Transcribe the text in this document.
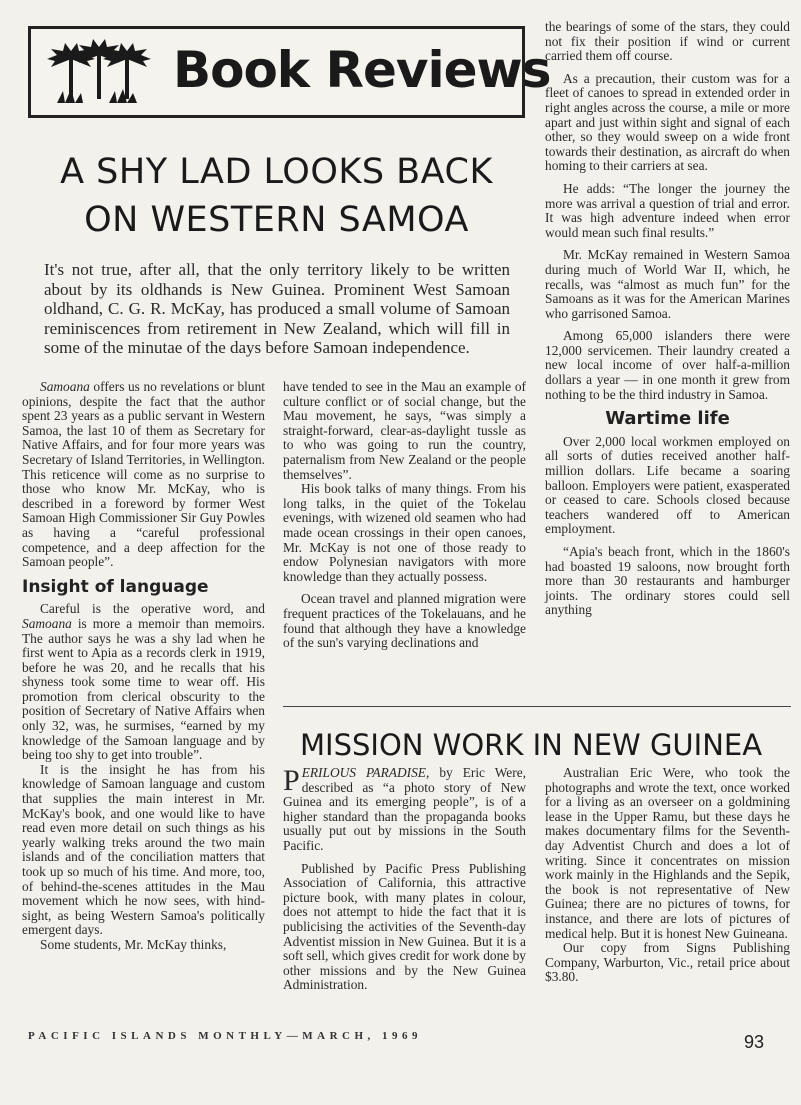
Book Reviews
A SHY LAD LOOKS BACK
ON WESTERN SAMOA
It's not true, after all, that the only territory likely to be written about by its oldhands is New Guinea. Prominent West Samoan oldhand, C. G. R. McKay, has produced a small volume of Samoan reminiscences from retirement in New Zealand, which will fill in some of the minutae of the days before Samoan independence.

Samoana offers us no revelations or blunt opinions, despite the fact that the author spent 23 years as a public servant in Western Samoa, the last 10 of them as Secretary for Native Affairs, and for four more years was Secretary of Island Territories, in Wellington. This reticence will come as no surprise to those who know Mr. McKay, who is described in a foreword by former West Samoan High Commissioner Sir Guy Powles as having a “careful professional competence, and a deep affection for the Samoan people”.

Insight of language

Careful is the operative word, and Samoana is more a memoir than memoirs. The author says he was a shy lad when he first went to Apia as a records clerk in 1919, before he was 20, and he recalls that his shyness took some time to wear off. His promotion from clerical obscurity to the position of Secretary of Native Affairs when only 32, was, he surmises, “earned by my knowledge of the Samoan language and by being too shy to get into trouble”.

It is the insight he has from his knowledge of Samoan language and custom that supplies the main interest in Mr. McKay's book, and one would like to have read even more detail on such things as his yearly walking treks around the two main islands and of the conciliation matters that took up so much of his time. And more, too, of behind-the-scenes attitudes in the Mau movement which he now sees, with hind-sight, as being Western Samoa's politically emergent days.

Some students, Mr. McKay thinks,

have tended to see in the Mau an example of culture conflict or of social change, but the Mau movement, he says, “was simply a straight-forward, clear-as-daylight tussle as to who was going to run the country, paternalism from New Zealand or the people themselves”.

His book talks of many things. From his long talks, in the quiet of the Tokelau evenings, with wizened old seamen who had made ocean crossings in their open canoes, Mr. McKay is not one of those ready to endow Polynesian navigators with more knowledge than they actually possess.

Ocean travel and planned migration were frequent practices of the Tokelauans, and he found that although they have a knowledge of the sun's varying declinations and

the bearings of some of the stars, they could not fix their position if wind or current carried them off course.

As a precaution, their custom was for a fleet of canoes to spread in extended order in right angles across the course, a mile or more apart and just within sight and signal of each other, so they would sweep on a wide front towards their destination, as aircraft do when homing to their carriers at sea.

He adds: “The longer the journey the more was arrival a question of trial and error. It was high adventure indeed when error would mean such final results.”

Mr. McKay remained in Western Samoa during much of World War II, which, he recalls, was “almost as much fun” for the Samoans as it was for the American Marines who garrisoned Samoa.

Among 65,000 islanders there were 12,000 servicemen. Their laundry created a new local income of over half-a-million dollars a year — in one month it grew from nothing to be the third industry in Samoa.

Wartime life

Over 2,000 local workmen employed on all sorts of duties received another half-million dollars. Life became a soaring balloon. Employers were patient, exasperated or ceased to care. Schools closed because teachers wandered off to American employment.

“Apia's beach front, which in the 1860's had boasted 19 saloons, now brought forth more than 30 restaurants and hamburger joints. The ordinary stores could sell anything

MISSION WORK IN NEW GUINEA

PERILOUS PARADISE, by Eric Were, described as “a photo story of New Guinea and its emerging people”, is of a higher standard than the propaganda books usually put out by missions in the South Pacific.

Published by Pacific Press Publishing Association of California, this attractive picture book, with many plates in colour, does not attempt to hide the fact that it is publicising the activities of the Seventh-day Adventist mission in New Guinea. But it is a soft sell, which gives credit for work done by other missions and by the New Guinea Administration.

Australian Eric Were, who took the photographs and wrote the text, once worked for a living as an overseer on a goldmining lease in the Upper Ramu, but these days he makes documentary films for the Seventh-day Adventist Church and does a lot of writing. Since it concentrates on mission work mainly in the Highlands and the Sepik, the book is not representative of New Guinea; there are no pictures of towns, for instance, and there are lots of pictures of medical help. But it is honest New Guineana.

Our copy from Signs Publishing Company, Warburton, Vic., retail price about $3.80.

PACIFIC ISLANDS MONTHLY—MARCH, 1969	93
